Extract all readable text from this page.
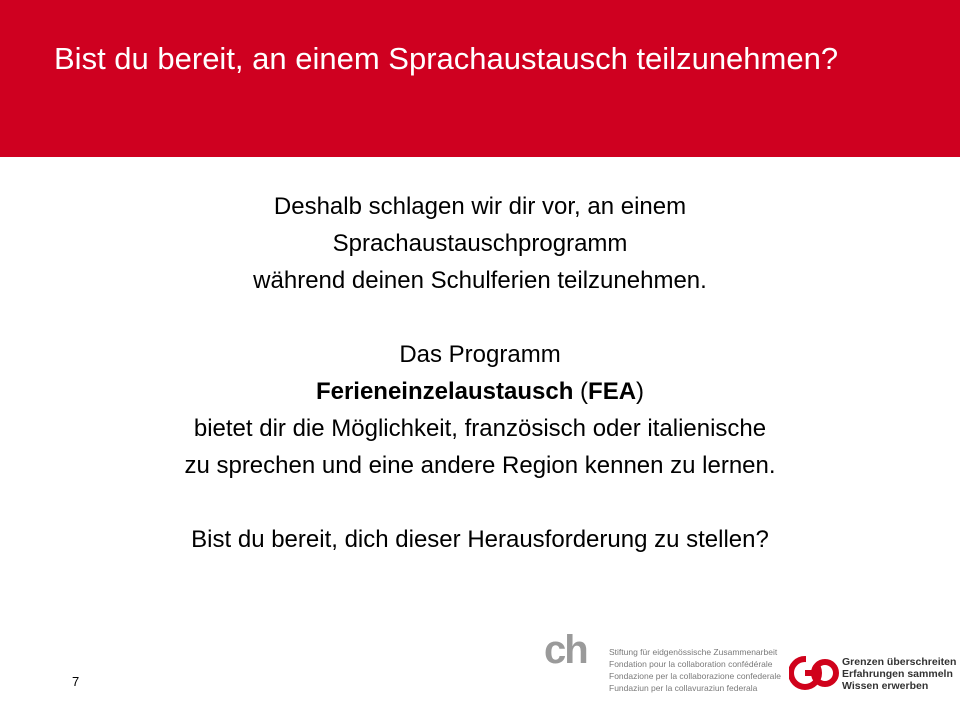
Bist du bereit, an einem Sprachaustausch teilzunehmen?
Deshalb schlagen wir dir vor, an einem
Sprachaustauschprogramm
während deinen Schulferien teilzunehmen.
Das Programm
Ferieneinzelaustausch (FEA)
bietet dir die Möglichkeit, französisch oder italienische
zu sprechen und eine andere Region kennen zu lernen.
Bist du bereit, dich dieser Herausforderung zu stellen?
7
ch	Stiftung für eidgenössische Zusammenarbeit
Fondation pour la collaboration confédérale
Fondazione per la collaborazione confederale
Fundaziun per la collavuraziun federala
GO
Grenzen überschreiten
Erfahrungen sammeln
Wissen erwerben
